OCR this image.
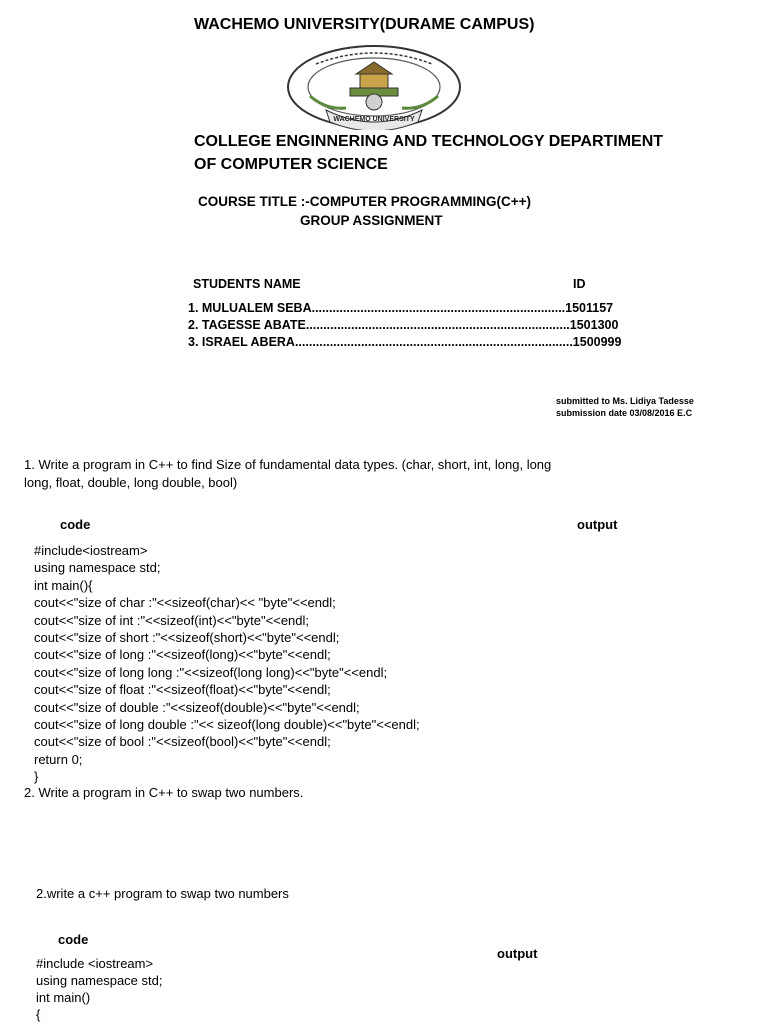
WACHEMO UNIVERSITY(DURAME CAMPUS)
WACHEMO UNIVERSITY
COLLEGE ENGINNERING AND TECHNOLOGY DEPARTIMENT
OF COMPUTER SCIENCE
COURSE TITLE :-COMPUTER PROGRAMMING(C++)
GROUP ASSIGNMENT
STUDENTS NAME	ID
1. MULUALEM SEBA.........................................................................1501157
2. TAGESSE ABATE............................................................................1501300
3. ISRAEL ABERA................................................................................1500999
submitted to Ms. Lidiya Tadesse
submission date 03/08/2016 E.C
1. Write a program in C++ to find Size of fundamental data types. (char, short, int, long, long
long, float, double, long double, bool)
code	output
#include<iostream>
using namespace std;
int main(){
cout<<"size of char :"<<sizeof(char)<< "byte"<<endl;
cout<<"size of int :"<<sizeof(int)<<"byte"<<endl;
cout<<"size of short :"<<sizeof(short)<<"byte"<<endl;
cout<<"size of long :"<<sizeof(long)<<"byte"<<endl;
cout<<"size of long long :"<<sizeof(long long)<<"byte"<<endl;
cout<<"size of float :"<<sizeof(float)<<"byte"<<endl;
cout<<"size of double :"<<sizeof(double)<<"byte"<<endl;
cout<<"size of long double :"<< sizeof(long double)<<"byte"<<endl;
cout<<"size of bool :"<<sizeof(bool)<<"byte"<<endl;
return 0;
}
2. Write a program in C++ to swap two numbers.
2.write a c++ program to swap two numbers
code
output
#include <iostream>
using namespace std;
int main()
{
